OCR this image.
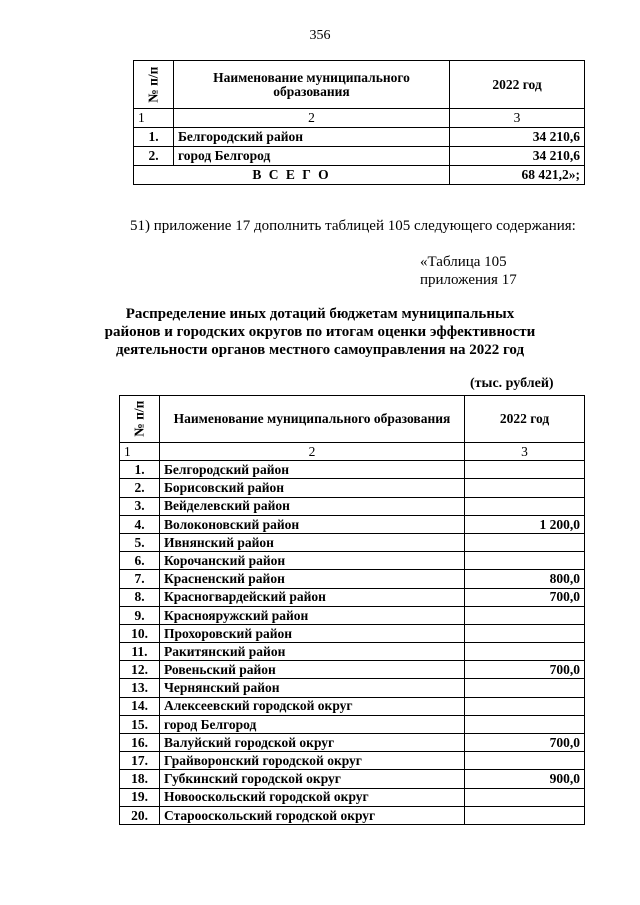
356
№ п/п	Наименование муниципального образования	2022 год
1	2	3
1.	Белгородский район	34 210,6
2.	город Белгород	34 210,6
В С Е Г О		68 421,2»;
51) приложение 17 дополнить таблицей 105 следующего содержания:
«Таблица 105
приложения 17
Распределение иных дотаций бюджетам муниципальных
районов и городских округов по итогам оценки эффективности
деятельности органов местного самоуправления на 2022 год
(тыс. рублей)
№ п/п	Наименование муниципального образования	2022 год
1	2	3
1.	Белгородский район	
2.	Борисовский район	
3.	Вейделевский район	
4.	Волоконовский район	1 200,0
5.	Ивнянский район	
6.	Корочанский район	
7.	Красненский район	800,0
8.	Красногвардейский район	700,0
9.	Краснояружский район	
10.	Прохоровский район	
11.	Ракитянский район	
12.	Ровеньский район	700,0
13.	Чернянский район	
14.	Алексеевский городской округ	
15.	город Белгород	
16.	Валуйский городской округ	700,0
17.	Грайворонский городской округ	
18.	Губкинский городской округ	900,0
19.	Новооскольский городской округ	
20.	Старооскольский городской округ	
